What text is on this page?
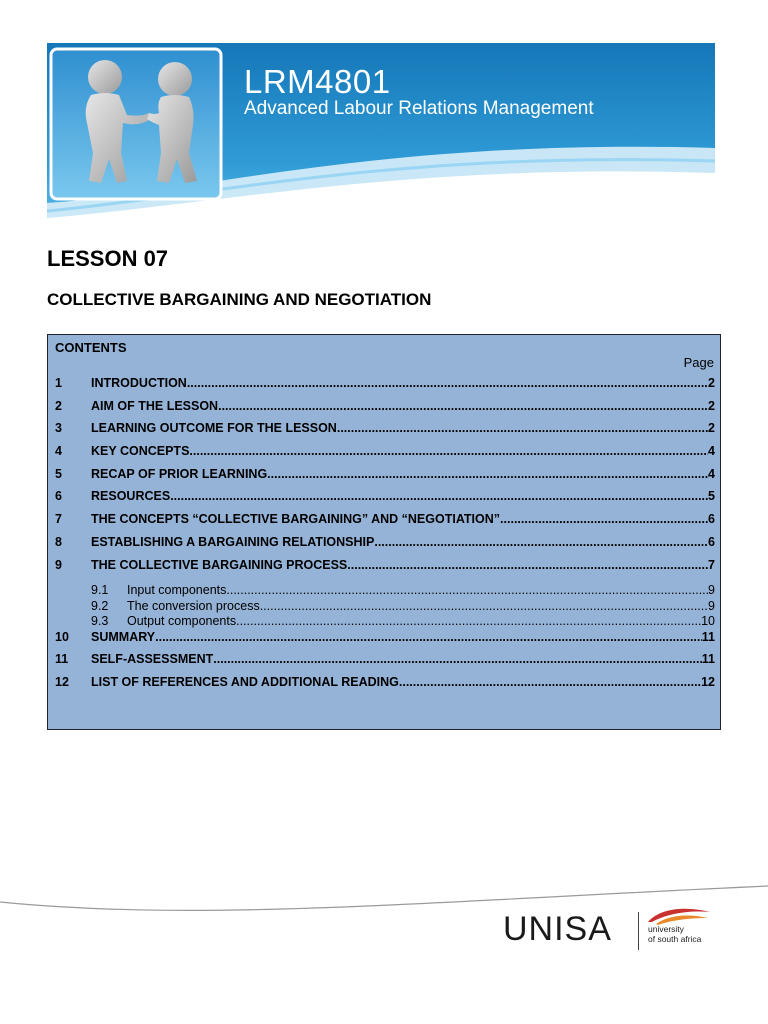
LRM4801
Advanced Labour Relations Management
LESSON 07
COLLECTIVE BARGAINING AND NEGOTIATION
CONTENTS
Page
1	INTRODUCTION .....	2
2	AIM OF THE LESSON .....	2
3	LEARNING OUTCOME FOR THE LESSON .....	2
4	KEY CONCEPTS .....	4
5	RECAP OF PRIOR LEARNING .....	4
6	RESOURCES .....	5
7	THE CONCEPTS “COLLECTIVE BARGAINING” AND “NEGOTIATION” .....	6
8	ESTABLISHING A BARGAINING RELATIONSHIP .....	6
9	THE COLLECTIVE BARGAINING PROCESS .....	7
9.1	Input components .....	9
9.2	The conversion process .....	9
9.3	Output components .....	10
10	SUMMARY .....	11
11	SELF-ASSESSMENT .....	11
12	LIST OF REFERENCES AND ADDITIONAL READING .....	12
UNISA	university
of south africa
